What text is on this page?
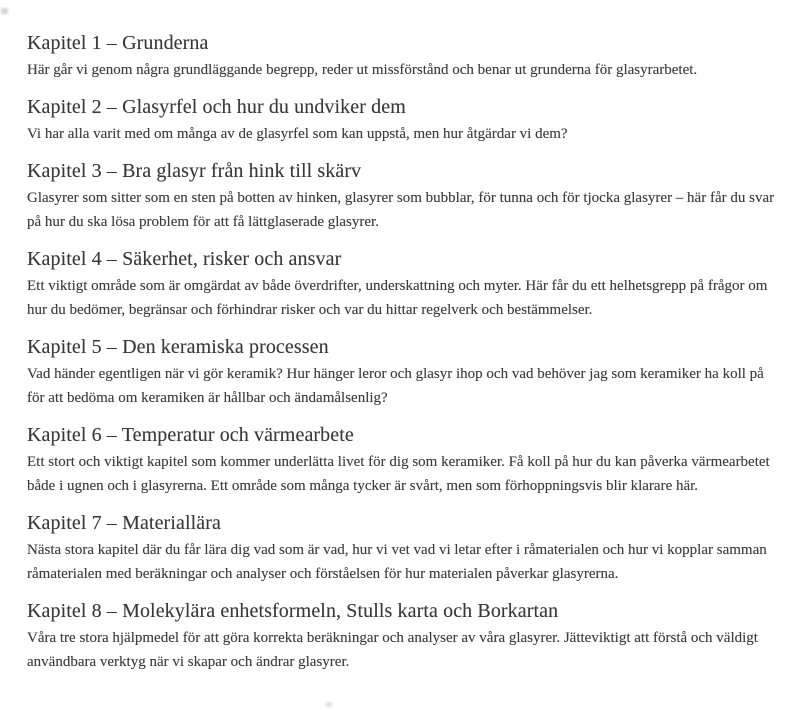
Kapitel 1 – Grunderna

Här går vi genom några grundläggande begrepp, reder ut missförstånd och benar ut grunderna för glasyrarbetet.

Kapitel 2 – Glasyrfel och hur du undviker dem

Vi har alla varit med om många av de glasyrfel som kan uppstå, men hur åtgärdar vi dem?

Kapitel 3 – Bra glasyr från hink till skärv

Glasyrer som sitter som en sten på botten av hinken, glasyrer som bubblar, för tunna och för tjocka glasyrer – här får du svar på hur du ska lösa problem för att få lättglaserade glasyrer.

Kapitel 4 – Säkerhet, risker och ansvar

Ett viktigt område som är omgärdat av både överdrifter, underskattning och myter. Här får du ett helhetsgrepp på frågor om hur du bedömer, begränsar och förhindrar risker och var du hittar regelverk och bestämmelser.

Kapitel 5 – Den keramiska processen

Vad händer egentligen när vi gör keramik? Hur hänger leror och glasyr ihop och vad behöver jag som keramiker ha koll på för att bedöma om keramiken är hållbar och ändamålsenlig?

Kapitel 6 – Temperatur och värmearbete

Ett stort och viktigt kapitel som kommer underlätta livet för dig som keramiker. Få koll på hur du kan påverka värmearbetet både i ugnen och i glasyrerna. Ett område som många tycker är svårt, men som förhoppningsvis blir klarare här.

Kapitel 7 – Materiallära

Nästa stora kapitel där du får lära dig vad som är vad, hur vi vet vad vi letar efter i råmaterialen och hur vi kopplar samman råmaterialen med beräkningar och analyser och förståelsen för hur materialen påverkar glasyrerna.

Kapitel 8 – Molekylära enhetsformeln, Stulls karta och Borkartan

Våra tre stora hjälpmedel för att göra korrekta beräkningar och analyser av våra glasyrer. Jätteviktigt att förstå och väldigt användbara verktyg när vi skapar och ändrar glasyrer.
